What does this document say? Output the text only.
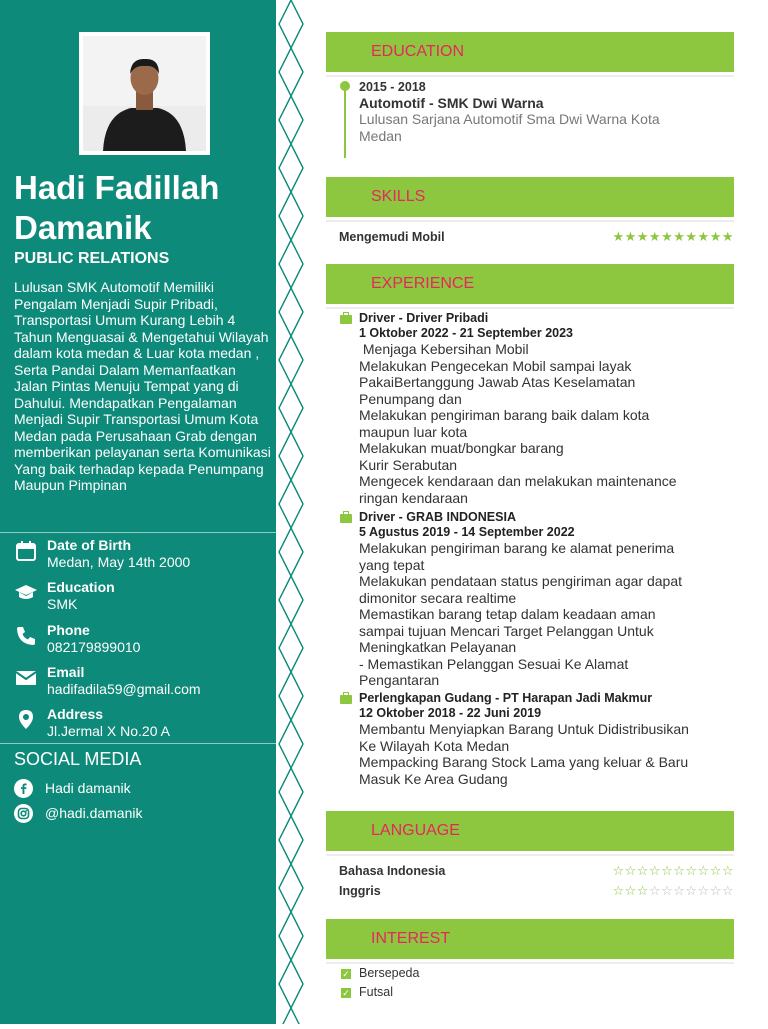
Hadi Fadillah
Damanik
PUBLIC RELATIONS
Lulusan SMK Automotif Memiliki Pengalam Menjadi Supir Pribadi, Transportasi Umum Kurang Lebih 4 Tahun Menguasai & Mengetahui Wilayah dalam kota medan & Luar kota medan , Serta Pandai Dalam Memanfaatkan Jalan Pintas Menuju Tempat yang di Dahului. Mendapatkan Pengalaman Menjadi Supir Transportasi Umum Kota Medan pada Perusahaan Grab dengan memberikan pelayanan serta Komunikasi Yang baik terhadap kepada Penumpang Maupun Pimpinan
Date of Birth
Medan, May 14th 2000
Education
SMK
Phone
082179899010
Email
hadifadila59@gmail.com
Address
Jl.Jermal X No.20 A
SOCIAL MEDIA
Hadi damanik
@hadi.damanik
EDUCATION
2015 - 2018
Automotif - SMK Dwi Warna
Lulusan Sarjana Automotif Sma Dwi Warna Kota
Medan
SKILLS
Mengemudi Mobil	★★★★★★★★★★
EXPERIENCE
Driver - Driver Pribadi
1 Oktober 2022 - 21 September 2023
Menjaga Kebersihan Mobil
Melakukan Pengecekan Mobil sampai layak
PakaiBertanggung Jawab Atas Keselamatan
Penumpang dan
Melakukan pengiriman barang baik dalam kota
maupun luar kota
Melakukan muat/bongkar barang
Kurir Serabutan
Mengecek kendaraan dan melakukan maintenance
ringan kendaraan
Driver - GRAB INDONESIA
5 Agustus 2019 - 14 September 2022
Melakukan pengiriman barang ke alamat penerima
yang tepat
Melakukan pendataan status pengiriman agar dapat
dimonitor secara realtime
Memastikan barang tetap dalam keadaan aman
sampai tujuan Mencari Target Pelanggan Untuk
Meningkatkan Pelayanan
- Memastikan Pelanggan Sesuai Ke Alamat
Pengantaran
Perlengkapan Gudang - PT Harapan Jadi Makmur
12 Oktober 2018 - 22 Juni 2019
Membantu Menyiapkan Barang Untuk Didistribusikan
Ke Wilayah Kota Medan
Mempacking Barang Stock Lama yang keluar & Baru
Masuk Ke Area Gudang
LANGUAGE
Bahasa Indonesia	☆☆☆☆☆☆☆☆☆☆
Inggris	☆☆☆☆☆☆☆☆☆☆
INTEREST
✓ Bersepeda
✓ Futsal
